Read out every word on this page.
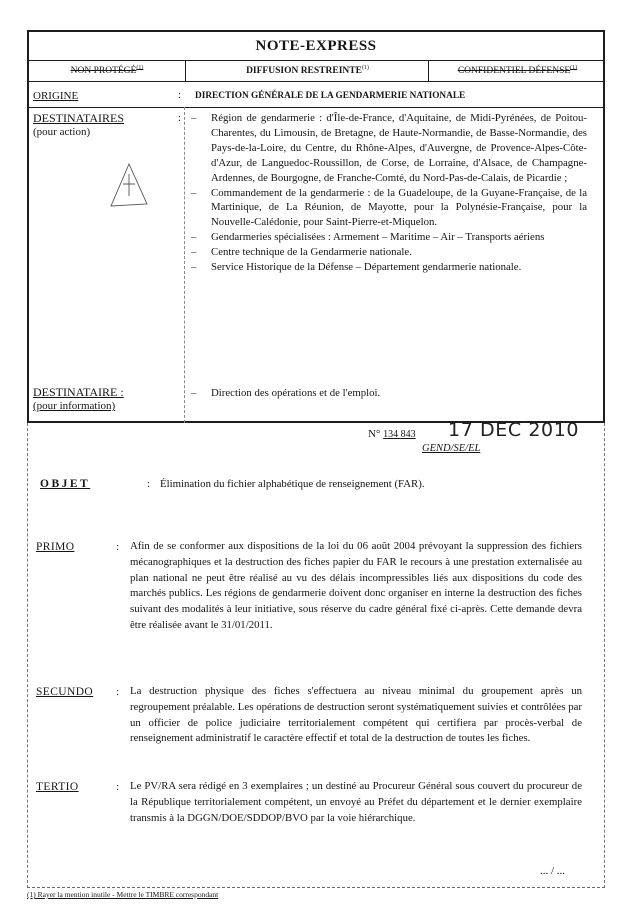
NOTE-EXPRESS
NON PROTÉGÉ$^{(1)}$	DIFFUSION RESTREINTE$^{(1)}$	CONFIDENTIEL DÉFENSE$^{(1)}$
ORIGINE	: DIRECTION GÉNÉRALE DE LA GENDARMERIE NATIONALE
DESTINATAIRES
(pour action)
: – Région de gendarmerie : d'Île-de-France, d'Aquitaine, de Midi-Pyrénées, de Poitou-Charentes, du Limousin, de Bretagne, de Haute-Normandie, de Basse-Normandie, des Pays-de-la-Loire, du Centre, du Rhône-Alpes, d'Auvergne, de Provence-Alpes-Côte-d'Azur, de Languedoc-Roussillon, de Corse, de Lorraine, d'Alsace, de Champagne-Ardennes, de Bourgogne, de Franche-Comté, du Nord-Pas-de-Calais, de Picardie ;
– Commandement de la gendarmerie : de la Guadeloupe, de la Guyane-Française, de la Martinique, de La Réunion, de Mayotte, pour la Polynésie-Française, pour la Nouvelle-Calédonie, pour Saint-Pierre-et-Miquelon.
– Gendarmeries spécialisées : Armement – Maritime – Air – Transports aériens
– Centre technique de la Gendarmerie nationale.
– Service Historique de la Défense – Département gendarmerie nationale.
DESTINATAIRE :
(pour information)
– Direction des opérations et de l'emploi.
N° 134 843 17 DEC 2010
GEND/SE/EL
OBJET	: Élimination du fichier alphabétique de renseignement (FAR).
PRIMO	: Afin de se conformer aux dispositions de la loi du 06 août 2004 prévoyant la suppression des fichiers mécanographiques et la destruction des fiches papier du FAR le recours à une prestation externalisée au plan national ne peut être réalisé au vu des délais incompressibles liés aux dispositions du code des marchés publics. Les régions de gendarmerie doivent donc organiser en interne la destruction des fiches suivant des modalités à leur initiative, sous réserve du cadre général fixé ci-après. Cette demande devra être réalisée avant le 31/01/2011.
SECUNDO : La destruction physique des fiches s'effectuera au niveau minimal du groupement après un regroupement préalable. Les opérations de destruction seront systématiquement suivies et contrôlées par un officier de police judiciaire territorialement compétent qui certifiera par procès-verbal de renseignement administratif le caractère effectif et total de la destruction de toutes les fiches.
TERTIO	: Le PV/RA sera rédigé en 3 exemplaires ; un destiné au Procureur Général sous couvert du procureur de la République territorialement compétent, un envoyé au Préfet du département et le dernier exemplaire transmis à la DGGN/DOE/SDDOP/BVO par la voie hiérarchique.
... / ...
(1) Rayer la mention inutile - Mettre le TIMBRE correspondant
